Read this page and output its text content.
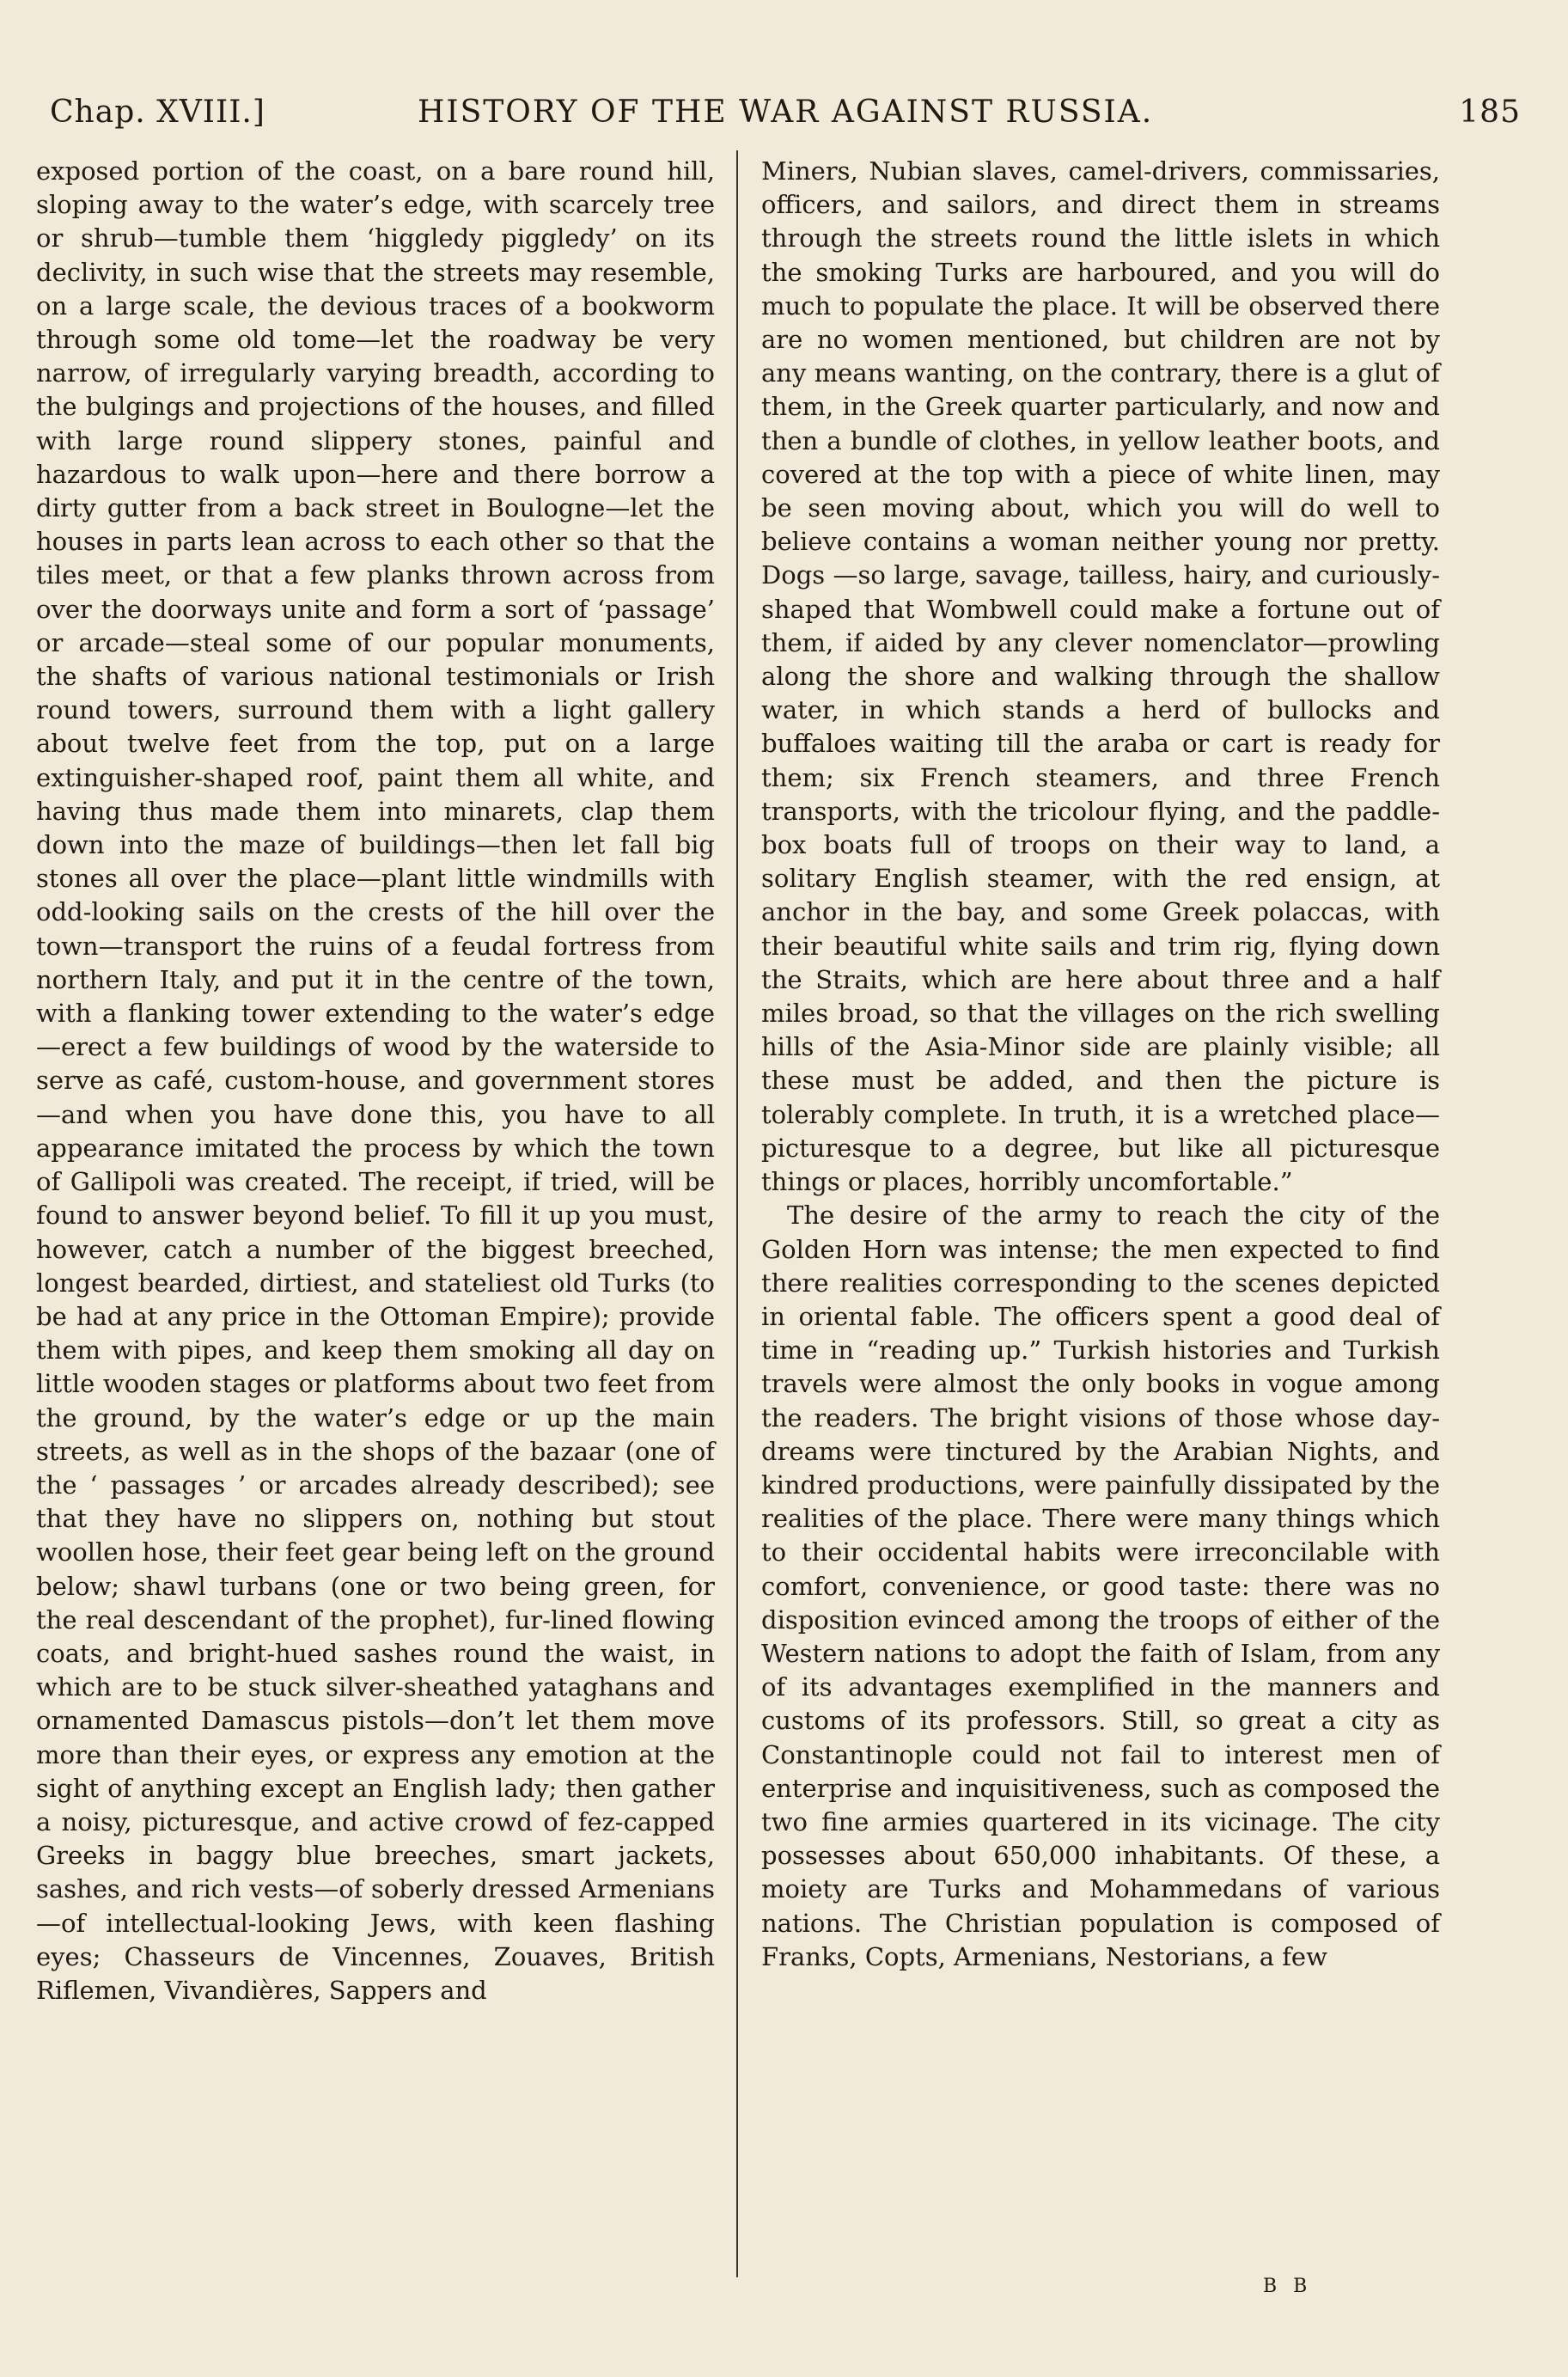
Chap. XVIII.]	HISTORY OF THE WAR AGAINST RUSSIA.	185

exposed portion of the coast, on a bare round hill, sloping away to the water’s edge, with scarcely tree or shrub—tumble them ‘higgledy piggledy’ on its declivity, in such wise that the streets may resemble, on a large scale, the devious traces of a bookworm through some old tome—let the roadway be very narrow, of irregularly varying breadth, according to the bulgings and projections of the houses, and filled with large round slippery stones, painful and hazardous to walk upon—here and there borrow a dirty gutter from a back street in Boulogne—let the houses in parts lean across to each other so that the tiles meet, or that a few planks thrown across from over the doorways unite and form a sort of ‘passage’ or arcade—steal some of our popular monuments, the shafts of various national testimonials or Irish round towers, surround them with a light gallery about twelve feet from the top, put on a large extinguisher-shaped roof, paint them all white, and having thus made them into minarets, clap them down into the maze of buildings—then let fall big stones all over the place—plant little windmills with odd-looking sails on the crests of the hill over the town—transport the ruins of a feudal fortress from northern Italy, and put it in the centre of the town, with a flanking tower extending to the water’s edge—erect a few buildings of wood by the waterside to serve as café, custom-house, and government stores—and when you have done this, you have to all appearance imitated the process by which the town of Gallipoli was created. The receipt, if tried, will be found to answer beyond belief. To fill it up you must, however, catch a number of the biggest breeched, longest bearded, dirtiest, and stateliest old Turks (to be had at any price in the Ottoman Empire); provide them with pipes, and keep them smoking all day on little wooden stages or platforms about two feet from the ground, by the water’s edge or up the main streets, as well as in the shops of the bazaar (one of the ‘ passages ’ or arcades already described); see that they have no slippers on, nothing but stout woollen hose, their feet gear being left on the ground below; shawl turbans (one or two being green, for the real descendant of the prophet), fur-lined flowing coats, and bright-hued sashes round the waist, in which are to be stuck silver-sheathed yataghans and ornamented Damascus pistols—don’t let them move more than their eyes, or express any emotion at the sight of anything except an English lady; then gather a noisy, picturesque, and active crowd of fez-capped Greeks in baggy blue breeches, smart jackets, sashes, and rich vests—of soberly dressed Armenians —of intellectual-looking Jews, with keen flashing eyes; Chasseurs de Vincennes, Zouaves, British Riflemen, Vivandières, Sappers and

Miners, Nubian slaves, camel-drivers, commissaries, officers, and sailors, and direct them in streams through the streets round the little islets in which the smoking Turks are harboured, and you will do much to populate the place. It will be observed there are no women mentioned, but children are not by any means wanting, on the contrary, there is a glut of them, in the Greek quarter particularly, and now and then a bundle of clothes, in yellow leather boots, and covered at the top with a piece of white linen, may be seen moving about, which you will do well to believe contains a woman neither young nor pretty. Dogs —so large, savage, tailless, hairy, and curiously-shaped that Wombwell could make a fortune out of them, if aided by any clever nomenclator—prowling along the shore and walking through the shallow water, in which stands a herd of bullocks and buffaloes waiting till the araba or cart is ready for them; six French steamers, and three French transports, with the tricolour flying, and the paddle-box boats full of troops on their way to land, a solitary English steamer, with the red ensign, at anchor in the bay, and some Greek polaccas, with their beautiful white sails and trim rig, flying down the Straits, which are here about three and a half miles broad, so that the villages on the rich swelling hills of the Asia-Minor side are plainly visible; all these must be added, and then the picture is tolerably complete. In truth, it is a wretched place— picturesque to a degree, but like all picturesque things or places, horribly uncomfortable.”

The desire of the army to reach the city of the Golden Horn was intense; the men expected to find there realities corresponding to the scenes depicted in oriental fable. The officers spent a good deal of time in “reading up.” Turkish histories and Turkish travels were almost the only books in vogue among the readers. The bright visions of those whose day-dreams were tinctured by the Arabian Nights, and kindred productions, were painfully dissipated by the realities of the place. There were many things which to their occidental habits were irreconcilable with comfort, convenience, or good taste: there was no disposition evinced among the troops of either of the Western nations to adopt the faith of Islam, from any of its advantages exemplified in the manners and customs of its professors. Still, so great a city as Constantinople could not fail to interest men of enterprise and inquisitiveness, such as composed the two fine armies quartered in its vicinage. The city possesses about 650,000 inhabitants. Of these, a moiety are Turks and Mohammedans of various nations. The Christian population is composed of Franks, Copts, Armenians, Nestorians, a few

B B
